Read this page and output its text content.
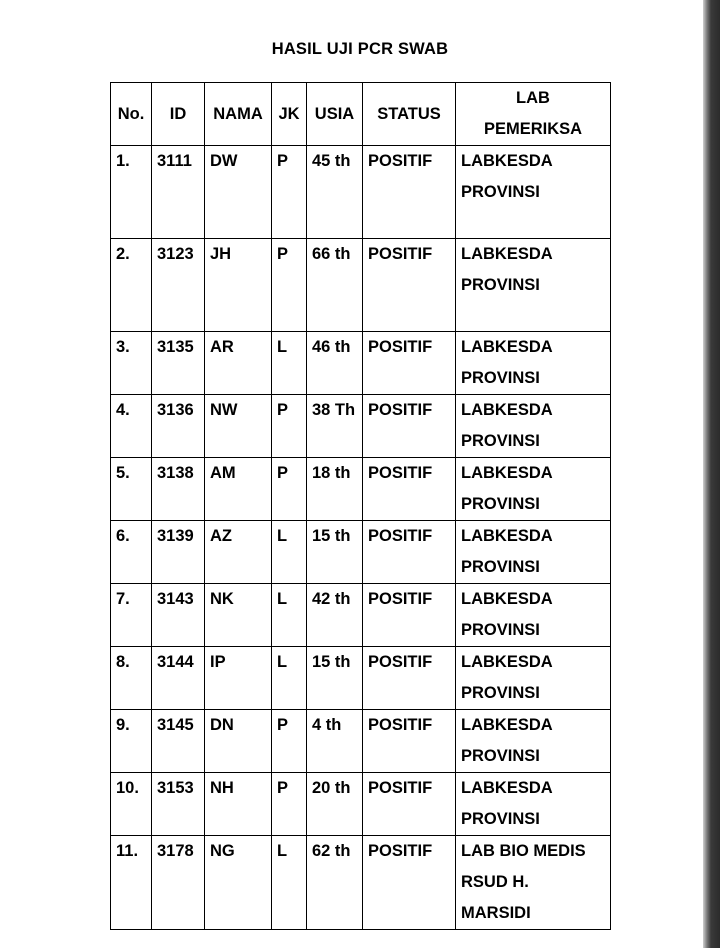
HASIL UJI PCR SWAB
No.	ID	NAMA	JK	USIA	STATUS	LAB
PEMERIKSA

1.	3111	DW	P	45 th	POSITIF	LABKESDA
PROVINSI

2.	3123	JH	P	66 th	POSITIF	LABKESDA
PROVINSI

3.	3135	AR	L	46 th	POSITIF	LABKESDA
PROVINSI

4.	3136	NW	P	38 Th	POSITIF	LABKESDA
PROVINSI

5.	3138	AM	P	18 th	POSITIF	LABKESDA
PROVINSI

6.	3139	AZ	L	15 th	POSITIF	LABKESDA
PROVINSI

7.	3143	NK	L	42 th	POSITIF	LABKESDA
PROVINSI

8.	3144	IP	L	15 th	POSITIF	LABKESDA
PROVINSI

9.	3145	DN	P	4 th	POSITIF	LABKESDA
PROVINSI

10.	3153	NH	P	20 th	POSITIF	LABKESDA
PROVINSI

11.	3178	NG	L	62 th	POSITIF	LAB BIO MEDIS
RSUD H.
MARSIDI
